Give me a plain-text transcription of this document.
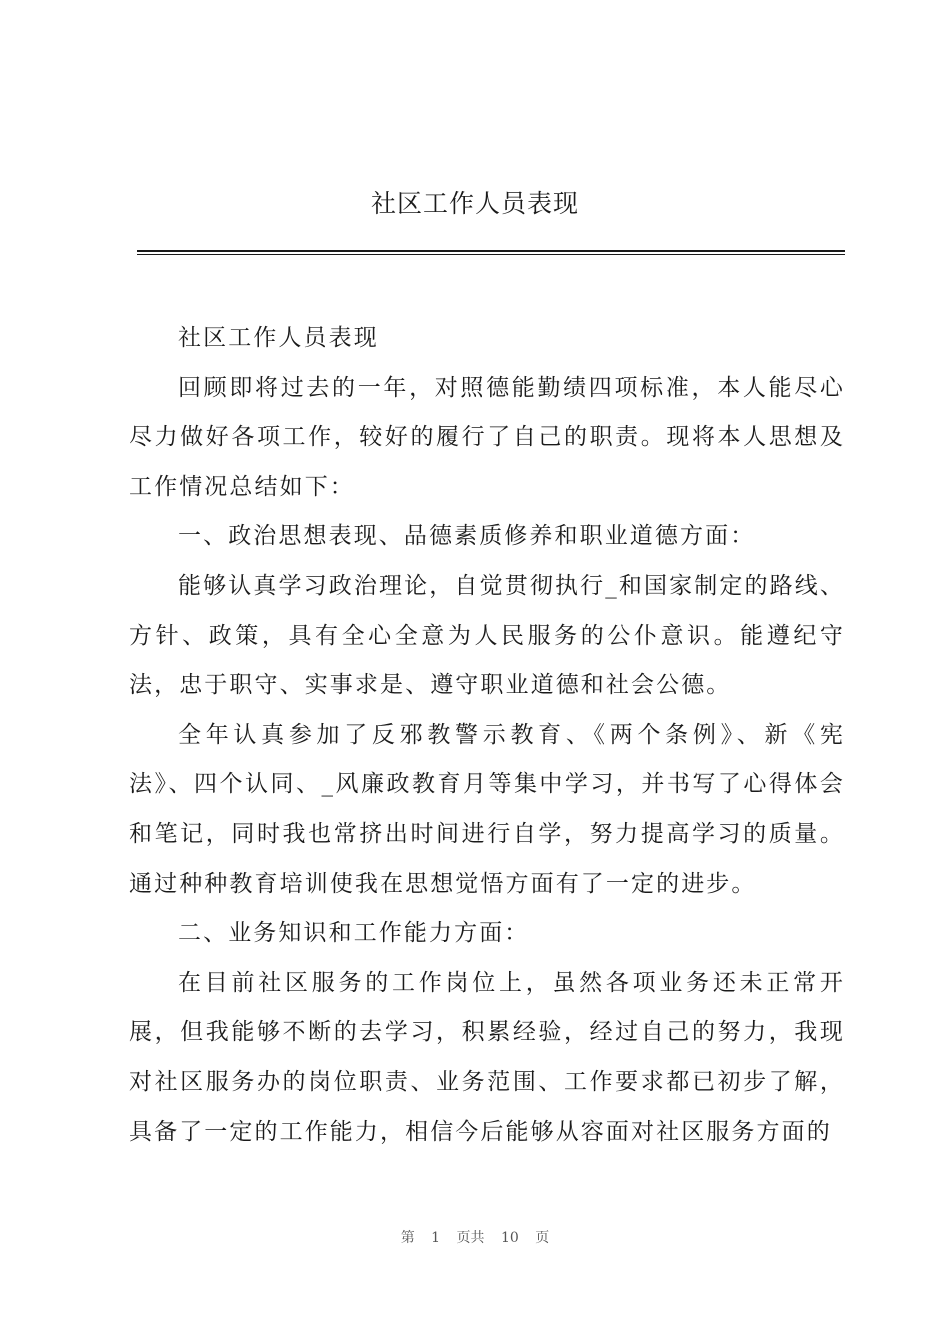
社区工作人员表现

社区工作人员表现

回顾即将过去的一年，对照德能勤绩四项标准，本人能尽心尽力做好各项工作，较好的履行了自己的职责。现将本人思想及工作情况总结如下：

一、政治思想表现、品德素质修养和职业道德方面：

能够认真学习政治理论，自觉贯彻执行_和国家制定的路线、方针、政策，具有全心全意为人民服务的公仆意识。能遵纪守法，忠于职守、实事求是、遵守职业道德和社会公德。

全年认真参加了反邪教警示教育、《两个条例》、新《宪法》、四个认同、_风廉政教育月等集中学习，并书写了心得体会和笔记，同时我也常挤出时间进行自学，努力提高学习的质量。通过种种教育培训使我在思想觉悟方面有了一定的进步。

二、业务知识和工作能力方面：

在目前社区服务的工作岗位上，虽然各项业务还未正常开展，但我能够不断的去学习，积累经验，经过自己的努力，我现对社区服务办的岗位职责、业务范围、工作要求都已初步了解，具备了一定的工作能力，相信今后能够从容面对社区服务方面的

第 1 页共 10 页
